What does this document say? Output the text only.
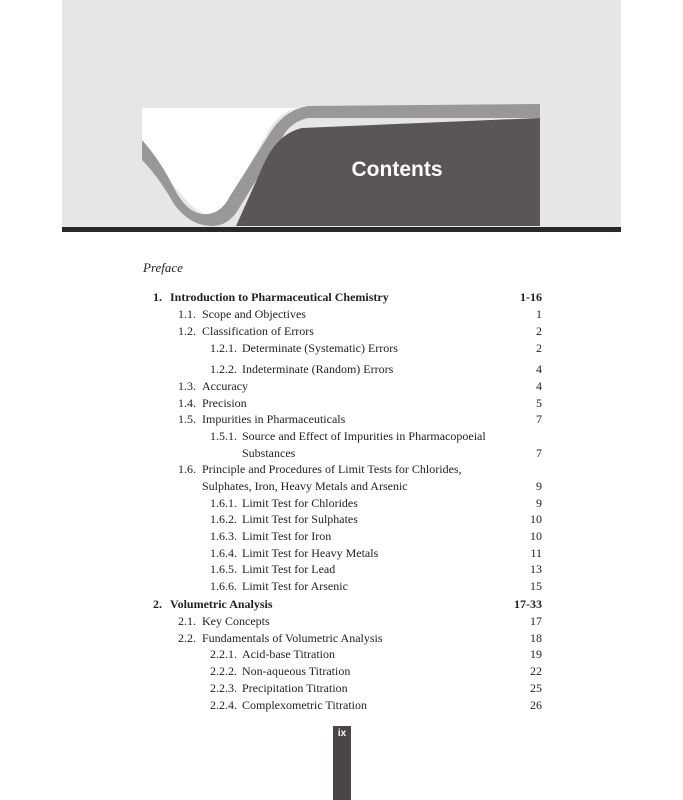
Contents
Preface
1. Introduction to Pharmaceutical Chemistry	1-16
1.1. Scope and Objectives	1
1.2. Classification of Errors	2
1.2.1. Determinate (Systematic) Errors	2
1.2.2. Indeterminate (Random) Errors	4
1.3. Accuracy	4
1.4. Precision	5
1.5. Impurities in Pharmaceuticals	7
1.5.1. Source and Effect of Impurities in Pharmacopoeial
Substances	7
1.6. Principle and Procedures of Limit Tests for Chlorides,
Sulphates, Iron, Heavy Metals and Arsenic	9
1.6.1. Limit Test for Chlorides	9
1.6.2. Limit Test for Sulphates	10
1.6.3. Limit Test for Iron	10
1.6.4. Limit Test for Heavy Metals	11
1.6.5. Limit Test for Lead	13
1.6.6. Limit Test for Arsenic	15
2. Volumetric Analysis	17-33
2.1. Key Concepts	17
2.2. Fundamentals of Volumetric Analysis	18
2.2.1. Acid-base Titration	19
2.2.2. Non-aqueous Titration	22
2.2.3. Precipitation Titration	25
2.2.4. Complexometric Titration	26
ix
